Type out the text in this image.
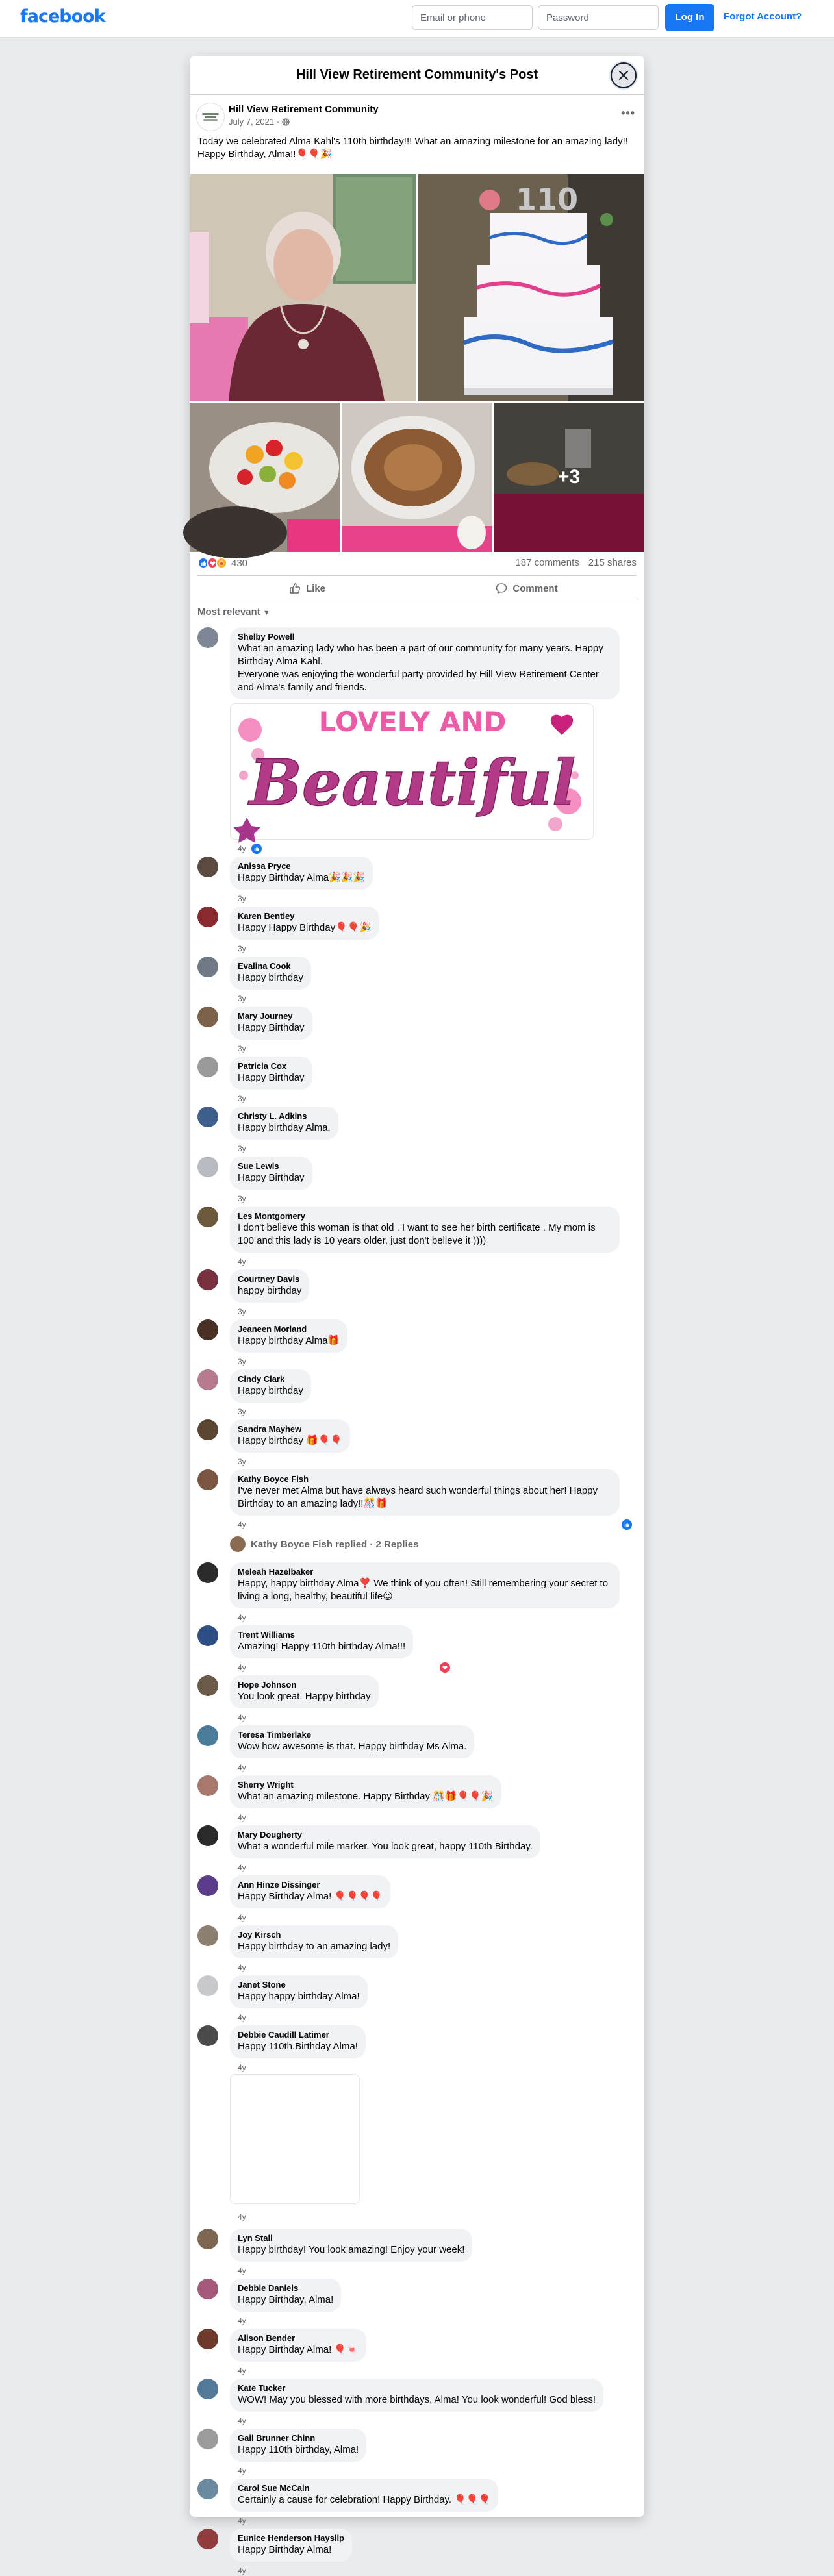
facebook
Email or phone	Log In	Forgot Account?
Hill View Retirement Community's Post
Hill View Retirement Community
July 7, 2021 ·
•••
Today we celebrated Alma Kahl's 110th birthday!!! What an amazing milestone for an amazing lady!! Happy Birthday, Alma!!🎈🎈🎉
110
+3
430	187 comments 215 shares
Like	Comment
Most relevant ▼
Shelby Powell
What an amazing lady who has been a part of our community for many years. Happy Birthday Alma Kahl.
Everyone was enjoying the wonderful party provided by Hill View Retirement Center and Alma's family and friends.
LOVELY AND
Beautiful
4y
Anissa Pryce
Happy Birthday Alma🎉🎉🎉
3y
Karen Bentley
Happy Happy Birthday🎈🎈🎉
3y
Evalina Cook
Happy birthday
3y
Mary Journey
Happy Birthday
3y
Patricia Cox
Happy Birthday
3y
Christy L. Adkins
Happy birthday Alma.
3y
Sue Lewis
Happy Birthday
3y
Les Montgomery
I don't believe this woman is that old . I want to see her birth certificate . My mom is 100 and this lady is 10 years older, just don't believe it ))))
4y
Courtney Davis
happy birthday
3y
Jeaneen Morland
Happy birthday Alma🎁
3y
Cindy Clark
Happy birthday
3y
Sandra Mayhew
Happy birthday 🎁🎈🎈
3y
Kathy Boyce Fish
I've never met Alma but have always heard such wonderful things about her! Happy Birthday to an amazing lady!!🎊🎁
4y
Kathy Boyce Fish replied · 2 Replies
Meleah Hazelbaker
Happy, happy birthday Alma❣️ We think of you often! Still remembering your secret to living a long, healthy, beautiful life😉
4y
Trent Williams
Amazing! Happy 110th birthday Alma!!!
4y
Hope Johnson
You look great. Happy birthday
4y
Teresa Timberlake
Wow how awesome is that. Happy birthday Ms Alma.
4y
Sherry Wright
What an amazing milestone. Happy Birthday 🎊🎁🎈🎈🎉
4y
Mary Dougherty
What a wonderful mile marker. You look great, happy 110th Birthday.
4y
Ann Hinze Dissinger
Happy Birthday Alma! 🎈🎈🎈🎈
4y
Joy Kirsch
Happy birthday to an amazing lady!
4y
Janet Stone
Happy happy birthday Alma!
4y
Debbie Caudill Latimer
Happy 110th.Birthday Alma!
4y
4y
Lyn Stall
Happy birthday! You look amazing! Enjoy your week!
4y
Debbie Daniels
Happy Birthday, Alma!
4y
Alison Bender
Happy Birthday Alma! 🎈🍬
4y
Kate Tucker
WOW! May you blessed with more birthdays, Alma! You look wonderful! God bless!
4y
Gail Brunner Chinn
Happy 110th birthday, Alma!
4y
Carol Sue McCain
Certainly a cause for celebration! Happy Birthday. 🎈🎈🎈
4y
Eunice Henderson Hayslip
Happy Birthday Alma!
4y
